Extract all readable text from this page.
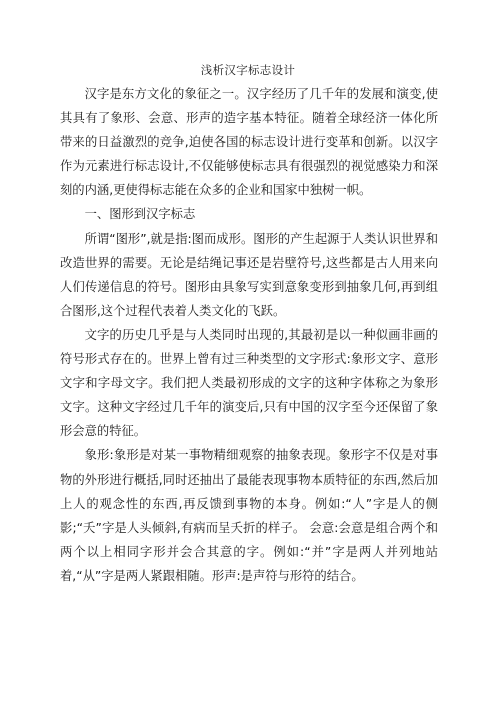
浅析汉字标志设计

汉字是东方文化的象征之一。汉字经历了几千年的发展和演变,使其具有了象形、会意、形声的造字基本特征。随着全球经济一体化所带来的日益激烈的竞争,迫使各国的标志设计进行变革和创新。以汉字作为元素进行标志设计,不仅能够使标志具有很强烈的视觉感染力和深刻的内涵,更使得标志能在众多的企业和国家中独树一帜。

一、图形到汉字标志

所谓“图形”,就是指:图而成形。图形的产生起源于人类认识世界和改造世界的需要。无论是结绳记事还是岩壁符号,这些都是古人用来向人们传递信息的符号。图形由具象写实到意象变形到抽象几何,再到组合图形,这个过程代表着人类文化的飞跃。

文字的历史几乎是与人类同时出现的,其最初是以一种似画非画的符号形式存在的。世界上曾有过三种类型的文字形式:象形文字、意形文字和字母文字。我们把人类最初形成的文字的这种字体称之为象形文字。这种文字经过几千年的演变后,只有中国的汉字至今还保留了象形会意的特征。

象形:象形是对某一事物精细观察的抽象表现。象形字不仅是对事物的外形进行概括,同时还抽出了最能表现事物本质特征的东西,然后加上人的观念性的东西,再反馈到事物的本身。例如:“人”字是人的侧影;“夭”字是人头倾斜,有病而呈夭折的样子。 会意:会意是组合两个和两个以上相同字形并会合其意的字。例如:“并”字是两人并列地站着,“从”字是两人紧跟相随。形声:是声符与形符的结合。
